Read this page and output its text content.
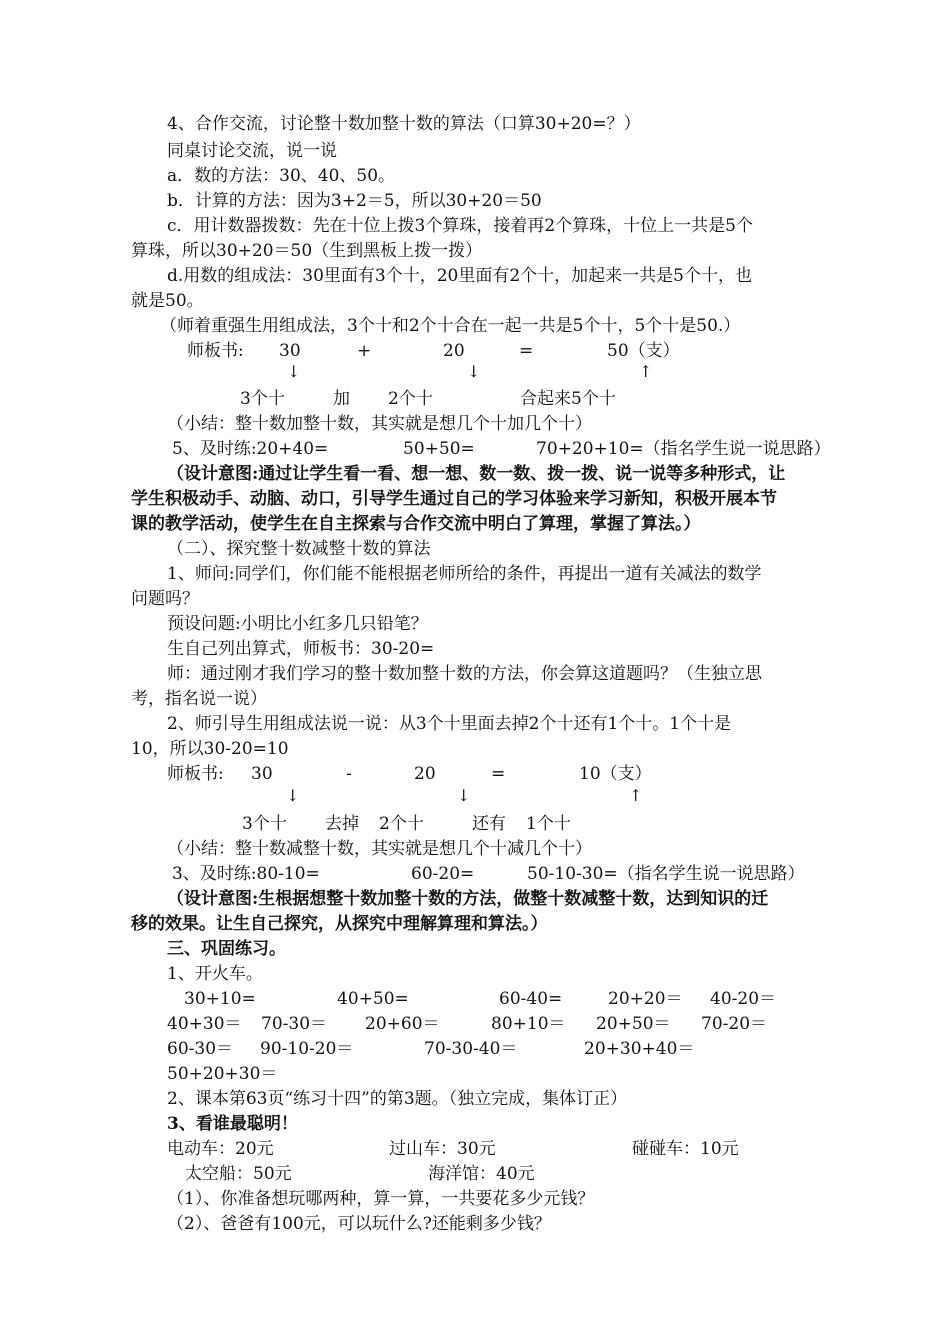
4、合作交流，讨论整十数加整十数的算法（口算30+20=？）
同桌讨论交流，说一说
a．数的方法：30、40、50。
b．计算的方法：因为3+2＝5，所以30+20＝50
c．用计数器拨数：先在十位上拨3个算珠，接着再2个算珠，十位上一共是5个
算珠，所以30+20＝50（生到黑板上拨一拨）
d.用数的组成法：30里面有3个十，20里面有2个十，加起来一共是5个十，也
就是50。
（师着重强生用组成法，3个十和2个十合在一起一共是5个十，5个十是50.）
师板书: 30	+	20	=	50（支）
↓	↓	↑
3个十	加 2个十	合起来5个十
（小结：整十数加整十数，其实就是想几个十加几个十）
5、及时练:20+40=	50+50=	70+20+10=（指名学生说一说思路）
（设计意图:通过让学生看一看、想一想、数一数、拨一拨、说一说等多种形式，让
学生积极动手、动脑、动口，引导学生通过自己的学习体验来学习新知，积极开展本节
课的教学活动，使学生在自主探索与合作交流中明白了算理，掌握了算法。）
（二）、探究整十数减整十数的算法
1、师问:同学们，你们能不能根据老师所给的条件，再提出一道有关减法的数学
问题吗？
预设问题:小明比小红多几只铅笔？
生自己列出算式，师板书：30-20=
师：通过刚才我们学习的整十数加整十数的方法，你会算这道题吗？（生独立思
考，指名说一说）
2、师引导生用组成法说一说：从3个十里面去掉2个十还有1个十。1个十是
10，所以30-20=10
师板书: 30	-	20	=	10（支）
↓	↓	↑
3个十 去掉 2个十	还有 1个十
（小结：整十数减整十数，其实就是想几个十减几个十）
3、及时练:80-10=	60-20=	50-10-30=（指名学生说一说思路）
（设计意图:生根据想整十数加整十数的方法，做整十数减整十数，达到知识的迁
移的效果。让生自己探究，从探究中理解算理和算法。）
三、巩固练习。
1、开火车。
30+10=	40+50=	60-40=	20+20＝ 40-20＝
40+30＝ 70-30＝ 20+60＝	80+10＝ 20+50＝ 70-20＝
60-30＝ 90-10-20＝	70-30-40＝	20+30+40＝
50+20+30＝
2、课本第63页“练习十四”的第3题。（独立完成，集体订正）
3、看谁最聪明！
电动车：20元	过山车：30元	碰碰车：10元
太空船：50元	海洋馆：40元
（1）、你准备想玩哪两种，算一算，一共要花多少元钱？
（2）、爸爸有100元，可以玩什么?还能剩多少钱？
